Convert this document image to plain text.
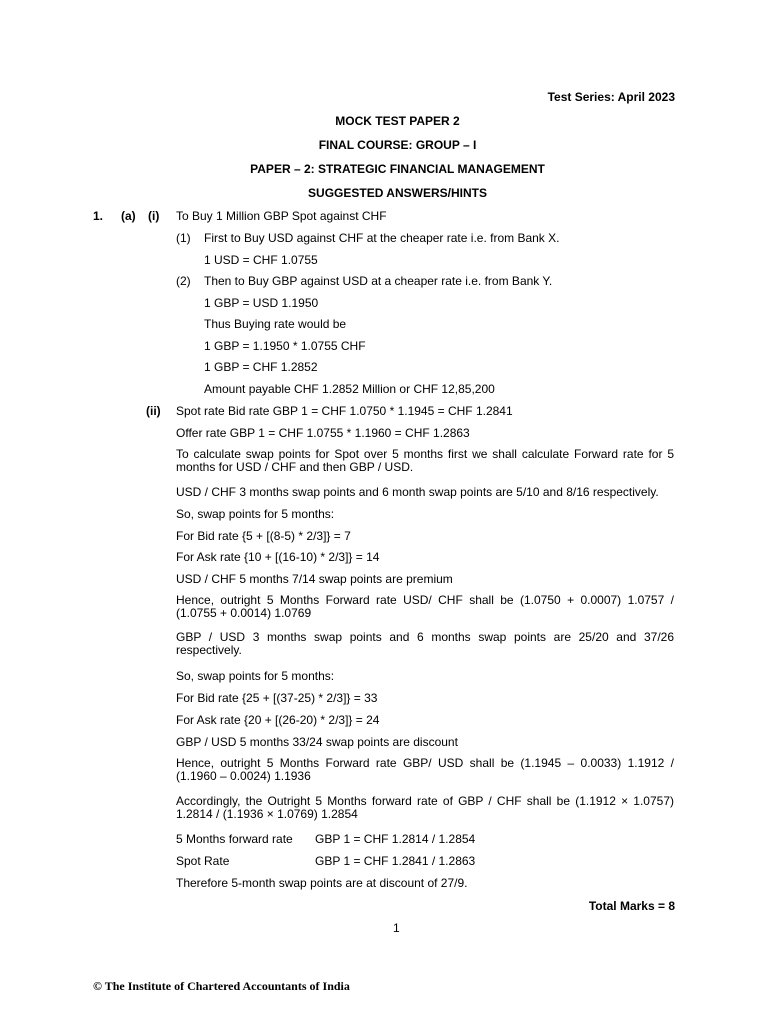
Test Series: April 2023
MOCK TEST PAPER 2
FINAL COURSE: GROUP – I
PAPER – 2: STRATEGIC FINANCIAL MANAGEMENT
SUGGESTED ANSWERS/HINTS
1. (a) (i) To Buy 1 Million GBP Spot against CHF
(1) First to Buy USD against CHF at the cheaper rate i.e. from Bank X.
1 USD = CHF 1.0755
(2) Then to Buy GBP against USD at a cheaper rate i.e. from Bank Y.
1 GBP = USD 1.1950
Thus Buying rate would be
1 GBP = 1.1950 * 1.0755 CHF
1 GBP = CHF 1.2852
Amount payable CHF 1.2852 Million or CHF 12,85,200
(ii) Spot rate Bid rate GBP 1 = CHF 1.0750 * 1.1945 = CHF 1.2841
Offer rate GBP 1 = CHF 1.0755 * 1.1960 = CHF 1.2863
To calculate swap points for Spot over 5 months first we shall calculate Forward rate for 5 months for USD / CHF and then GBP / USD.
USD / CHF 3 months swap points and 6 month swap points are 5/10 and 8/16 respectively.
So, swap points for 5 months:
For Bid rate {5 + [(8-5) * 2/3]} = 7
For Ask rate {10 + [(16-10) * 2/3]} = 14
USD / CHF 5 months 7/14 swap points are premium
Hence, outright 5 Months Forward rate USD/ CHF shall be (1.0750 + 0.0007) 1.0757 / (1.0755 + 0.0014) 1.0769
GBP / USD 3 months swap points and 6 months swap points are 25/20 and 37/26 respectively.
So, swap points for 5 months:
For Bid rate {25 + [(37-25) * 2/3]} = 33
For Ask rate {20 + [(26-20) * 2/3]} = 24
GBP / USD 5 months 33/24 swap points are discount
Hence, outright 5 Months Forward rate GBP/ USD shall be (1.1945 – 0.0033) 1.1912 / (1.1960 – 0.0024) 1.1936
Accordingly, the Outright 5 Months forward rate of GBP / CHF shall be (1.1912 × 1.0757) 1.2814 / (1.1936 × 1.0769) 1.2854
5 Months forward rate GBP 1 = CHF 1.2814 / 1.2854
Spot Rate	GBP 1 = CHF 1.2841 / 1.2863
Therefore 5-month swap points are at discount of 27/9.
Total Marks = 8
1
© The Institute of Chartered Accountants of India
